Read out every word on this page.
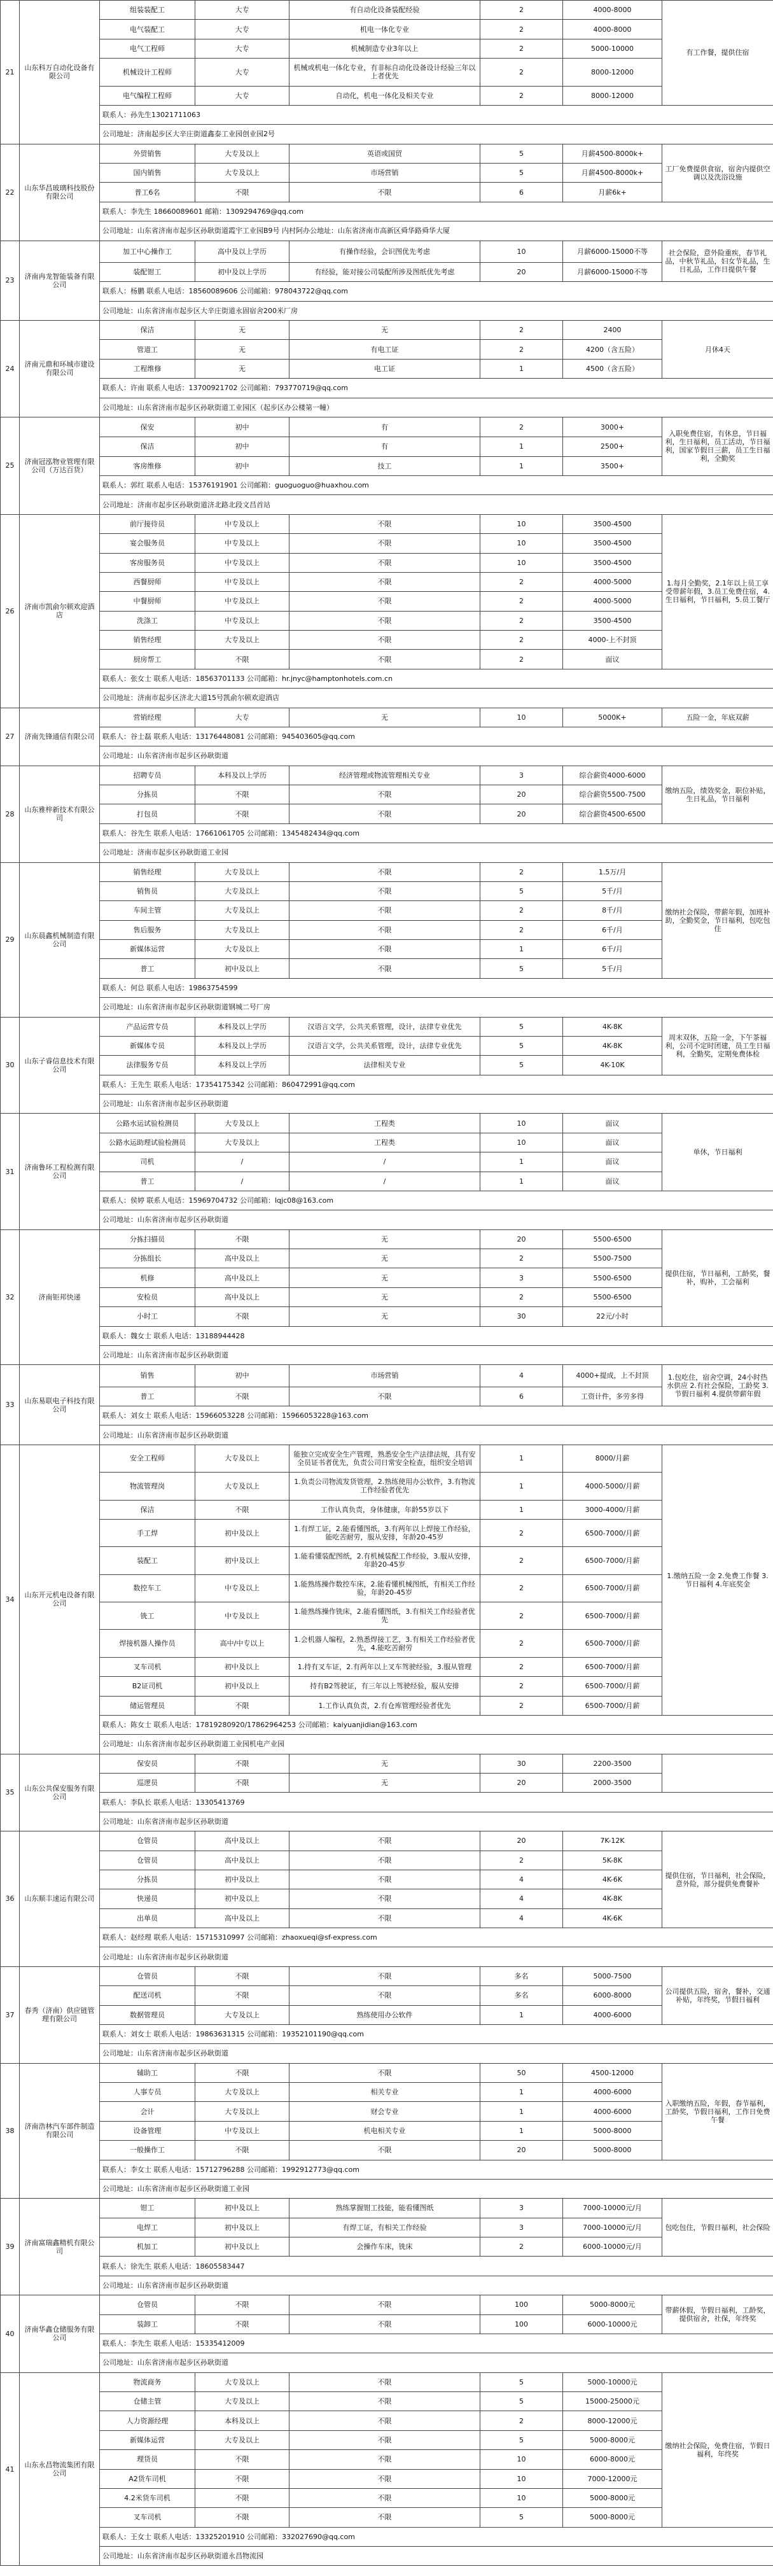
21	山东科万自动化设备有限公司	组装装配工	大专	有自动化设备装配经验	2	4000-8000	有工作餐，提供住宿
		电气装配工	大专	机电一体化专业	2	4000-8000	
		电气工程师	大专	机械制造专业3年以上	2	5000-10000	
		机械设计工程师	大专	机械或机电一体化专业，有非标自动化设备设计经验三年以上者优先	2	8000-12000	
		电气编程工程师	大专	自动化，机电一体化及相关专业	2	8000-12000	
		联系人：孙先生13021711063					
		公司地址：济南起步区大辛庄街道鑫泰工业园创业园2号					
22	山东华昌玻璃科技股份有限公司	外贸销售	大专及以上	英语或国贸	5	月薪4500-8000k+	工厂免费提供食宿，宿舍内提供空调以及洗浴设施
		国内销售	大专及以上	市场营销	5	月薪4500-8000k+	
		普工6名	不限	不限	6	月薪6k+	
		联系人：李先生 18660089601 邮箱：1309294769@qq.com					
		公司地址：山东省济南市起步区孙耿街道霞宇工业园B9号 内村阿办公地址：山东省济南市高新区舜华路舜华大厦					
23	济南冉龙智能装备有限公司	加工中心操作工	高中及以上学历	有操作经验，会识图优先考虑	10	月薪6000-15000不等	社会保险，意外险重疾，春节礼品，中秋节礼品，妇女节礼品，生日礼品，工作日提供午餐
		装配钳工	初中及以上学历	有经验，能对接公司装配所涉及图纸优先考虑	20	月薪6000-15000不等	
		联系人：杨鹏 联系人电话：18560089606 公司邮箱：978043722@qq.com					
		公司地址：山东省济南市起步区大辛庄街道永固宿舍200米厂房					
24	济南元鼎和环城市建设有限公司	保洁	无	无	2	2400	月休4天
		管道工	无	有电工证	2	4200（含五险）	
		工程维修	无	电工证	1	4500（含五险）	
		联系人：许南 联系人电话：13700921702 公司邮箱：793770719@qq.com					
		公司地址：山东省济南市起步区孙耿街道工业园区（起步区办公楼第一幢）					
25	济南冠泓物业管理有限公司（万达百货）	保安	初中	有	2	3000+	入职免费住宿，有休息，节日福利，生日福利，员工活动，节日福利，国家节假日三薪，员工生日福利，全勤奖
		保洁	初中	有	1	2500+	
		客房维修	初中	技工	1	3500+	
		联系人：郭红 联系人电话：15376191901 公司邮箱：guoguoguo@huaxhou.com					
		公司地址：济南市起步区孙耿街道济北路北段文昌首站					
26	济南市凯俞尔顿欢迎酒店	前厅接待员	中专及以上	不限	10	3500-4500	1.每月全勤奖，2.1年以上员工享受带薪年假，3.员工免费住宿，4.生日福利，节日福利，5.员工餐厅
		宴会服务员	中专及以上	不限	10	3500-4500	
		客房服务员	中专及以上	不限	10	3500-4500	
		西餐厨师	中专及以上	不限	2	4000-5000	
		中餐厨师	中专及以上	不限	2	4000-5000	
		洗涤工	中专及以上	不限	2	3500-4500	
		销售经理	大专及以上	不限	2	4000-上不封顶	
		厨房帮工	不限	不限	2	面议	
		联系人：张女士 联系人电话：18563701133 公司邮箱：hr.jnyc@hamptonhotels.com.cn					
		公司地址：济南市起步区济北大道15号凯俞尔顿欢迎酒店					
27	济南先锋通信有限公司	营销经理	大专	无	10	5000K+	五险一金，年底双薪
		联系人：谷士磊 联系人电话：13176448081 公司邮箱：945403605@qq.com					
		公司地址：山东省济南市起步区孙耿街道					
28	山东雅梓新技术有限公司	招聘专员	本科及以上学历	经济管理或物流管理相关专业	3	综合薪资4000-6000	缴纳五险，绩效奖金，职位补贴，生日礼品，节日福利
		分拣员	不限	不限	20	综合薪资5500-7500	
		打包员	不限	不限	20	综合薪资4500-6500	
		联系人：谷先生 联系人电话：17661061705 公司邮箱：1345482434@qq.com					
		公司地址：济南市起步区孙耿街道工业园					
29	山东晨鑫机械制造有限公司	销售经理	大专及以上	不限	2	1.5万/月	缴纳社会保险，带薪年假，加班补助，全勤奖金，节日福利，包吃包住
		销售员	大专及以上	不限	5	5千/月	
		车间主管	大专及以上	不限	2	8千/月	
		售后服务	大专及以上	不限	2	6千/月	
		新媒体运营	大专及以上	不限	1	6千/月	
		普工	初中及以上	不限	5	5千/月	
		联系人：何总 联系人电话：19863754599					
		公司地址：山东省济南市起步区孙耿街道钢城二号厂房					
30	山东子睿信息技术有限公司	产品运营专员	本科及以上学历	汉语言文学，公共关系管理，设计，法律专业优先	5	4K-8K	周末双休，五险一金，下午茶福利，公司不定时团建，员工生日福利，全勤奖，定期免费体检
		新媒体专员	本科及以上学历	汉语言文学，公共关系管理，设计，法律专业优先	5	4K-8K	
		法律服务专员	本科及以上学历	法律相关专业	5	4K-10K	
		联系人：王先生 联系人电话：17354175342 公司邮箱：860472991@qq.com					
		公司地址：山东省济南市起步区孙耿街道					
31	济南鲁环工程检测有限公司	公路水运试验检测员	大专及以上	工程类	10	面议	单休，节日福利
		公路水运助理试验检测员	大专及以上	工程类	10	面议	
		司机	/	/	1	面议	
		普工	/	/	1	面议	
		联系人：侯婷 联系人电话：15969704732 公司邮箱：lqjc08@163.com					
		公司地址：山东省济南市起步区孙耿街道					
32	济南钜邦快递	分拣扫描员	不限	无	20	5500-6500	提供住宿，节日福利，工龄奖，餐补，购补，工会福利
		分拣组长	高中及以上	无	2	5500-7500	
		机修	高中及以上	无	3	5500-6500	
		安检员	高中及以上	无	2	5500-6500	
		小时工	不限	无	30	22元/小时	
		联系人：魏女士 联系人电话：13188944428					
		公司地址：山东省济南市起步区孙耿街道					
33	山东易联电子科技有限公司	销售	初中	市场营销	4	4000+提成，上不封顶	1.包吃住，宿舍空调，24小时热水供应 2.有社会保险，工龄奖 3.节假日福利 4.提供带薪年假
		普工	不限	不限	6	工资计件，多劳多得	
		联系人：刘女士 联系人电话：15966053228 公司邮箱：15966053228@163.com					
		公司地址：山东省济南市起步区孙耿街道					
34	山东开元机电设备有限公司	安全工程师	大专及以上	能独立完成安全生产管理，熟悉安全生产法律法规，具有安全员证书者优先，负责公司日常安全检查，组织安全培训	1	8000/月薪	1.缴纳五险一金 2.免费工作餐 3.节日福利 4.年底奖金
		物流管理岗	大专及以上	1.负责公司物流发货管理，2.熟练使用办公软件，3.有物流工作经验者优先	1	4000-5000/月薪	
		保洁	不限	工作认真负责，身体健康，年龄55岁以下	1	3000-4000/月薪	
		手工焊	初中及以上	1.有焊工证，2.能看懂图纸，3.有两年以上焊接工作经验，能吃苦耐劳，服从安排，年龄20-45岁	2	6500-7000/月薪	
		装配工	初中及以上	1.能看懂装配图纸，2.有机械装配工作经验，3.服从安排，年龄20-45岁	2	6500-7000/月薪	
		数控车工	中专及以上	1.能熟练操作数控车床，2.能看懂机械图纸，有相关工作经验，年龄20-45岁	2	6500-7000/月薪	
		铣工	中专及以上	1.能熟练操作铣床，2.能看懂图纸，3.有相关工作经验者优先	2	6500-7000/月薪	
		焊接机器人操作员	高中/中专以上	1.会机器人编程，2.熟悉焊接工艺，3.有相关工作经验者优先，4.能吃苦耐劳	2	6500-7000/月薪	
		叉车司机	初中及以上	1.持有叉车证，2.有两年以上叉车驾驶经验，3.服从管理	2	6500-7000/月薪	
		B2证司机	初中及以上	持有B2驾驶证，有三年以上驾驶经验，服从安排	2	6500-7000/月薪	
		储运管理员	不限	1.工作认真负责，2.有仓库管理经验者优先	2	6500-7000/月薪	
		联系人：陈女士 联系人电话：17819280920/17862964253 公司邮箱：kaiyuanjidian@163.com					
		公司地址：山东省济南市起步区孙耿街道工业园机电产业园					
35	山东公共保安服务有限公司	保安员	不限	无	30	2200-3500	
		巡逻员	不限	无	20	2000-3500	
		联系人：李队长 联系人电话：13305413769					
		公司地址：山东省济南市起步区孙耿街道					
36	山东顺丰速运有限公司	仓管员	高中及以上	不限	20	7K-12K	提供住宿，节日福利，社会保险，意外险，部分提供免费餐补
		仓管员	高中及以上	不限	2	5K-8K	
		分拣员	初中及以上	不限	4	4K-6K	
		快递员	初中及以上	不限	4	4K-8K	
		出单员	高中及以上	不限	4	4K-6K	
		联系人：赵经理 联系人电话：15715310997 公司邮箱：zhaoxueqi@sf-express.com					
		公司地址：山东省济南市起步区孙耿街道					
37	春秀（济南）供应链管理有限公司	仓管员	不限	不限	多名	5000-7500	公司提供五险，宿舍，餐补，交通补贴，年终奖，节假日福利
		配送司机	不限	不限	多名	6000-8000	
		数据管理员	大专及以上	熟练使用办公软件	1	4000-6000	
		联系人：刘女士 联系人电话：19863631315 公司邮箱：19352101190@qq.com					
		公司地址：山东省济南市起步区孙耿街道					
38	济南浩林汽车部件制造有限公司	辅助工	不限	不限	50	4500-12000	入职缴纳五险，年假，春节福利，工龄奖，节假日福利，工作日免费午餐
		人事专员	大专及以上	相关专业	1	4000-6000	
		会计	大专及以上	财会专业	1	4000-6000	
		设备管理	中专及以上	机电相关专业	1	5000-8000	
		一般操作工	不限	不限	20	5000-8000	
		联系人：李女士 联系人电话：15712796288 公司邮箱：1992912773@qq.com					
		公司地址：山东省济南市起步区孙耿街道工业园					
39	济南富瑞鑫精机有限公司	钳工	初中及以上	熟练掌握钳工技能，能看懂图纸	3	7000-10000元/月	包吃包住，节假日福利，社会保险
		电焊工	初中及以上	有焊工证，有相关工作经验	3	7000-10000元/月	
		机加工	初中及以上	会操作车床，铣床	2	6000-10000元/月	
		联系人：徐先生 联系人电话：18605583447					
		公司地址：山东省济南市起步区孙耿街道					
40	济南华鑫仓储服务有限公司	仓管员	不限	不限	100	5000-8000元	带薪休假，节假日福利，工龄奖，提供宿舍，社保，年终奖
		装卸工	不限	不限	100	6000-10000元	
		联系人：李先生 联系人电话：15335412009					
		公司地址：山东省济南市起步区孙耿街道					
41	山东永昌物流集团有限公司	物流商务	大专及以上	不限	5	5000-10000元	缴纳社会保险，免费住宿，节假日福利，年终奖
		仓储主管	大专及以上	不限	5	15000-25000元	
		人力资源经理	本科及以上	不限	2	8000-12000元	
		新媒体运营	大专及以上	不限	5	5000-8000元	
		理货员	不限	不限	10	6000-8000元	
		A2货车司机	不限	不限	10	7000-12000元	
		4.2米货车司机	不限	不限	10	5000-8000元	
		叉车司机	不限	不限	5	5000-8000元	
		联系人：王女士 联系人电话：13325201910 公司邮箱：332027690@qq.com					
		公司地址：山东省济南市起步区孙耿街道永昌物流园					
